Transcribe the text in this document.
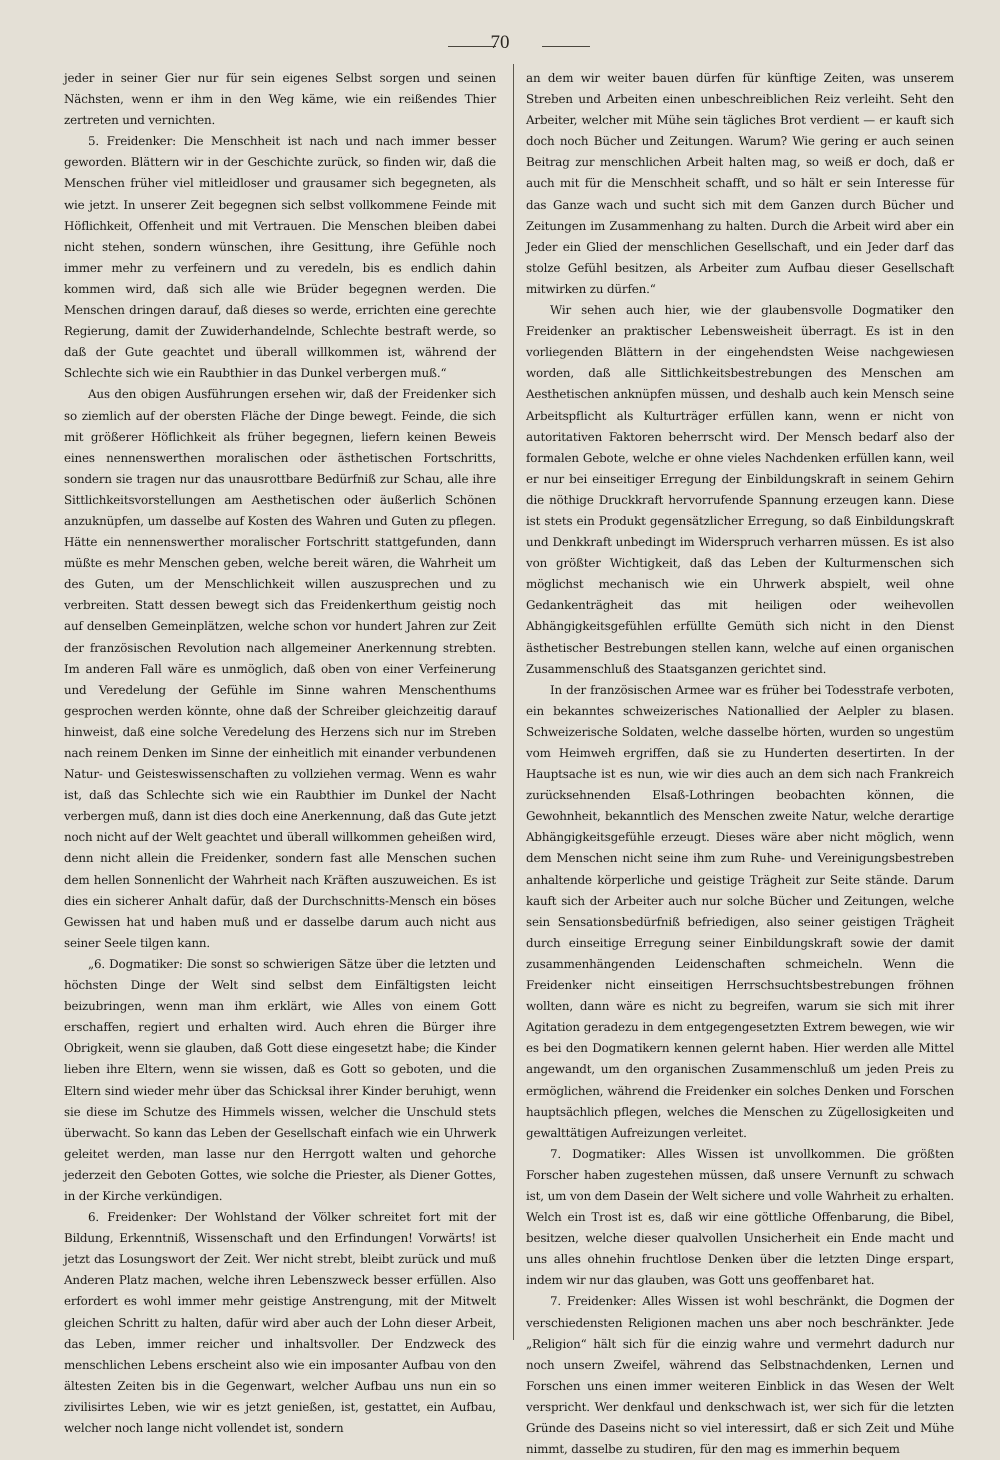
70

jeder in seiner Gier nur für sein eigenes Selbst sorgen und seinen Nächsten, wenn er ihm in den Weg käme, wie ein reißendes Thier zertreten und vernichten.

5. Freidenker: Die Menschheit ist nach und nach immer besser geworden. Blättern wir in der Geschichte zurück, so finden wir, daß die Menschen früher viel mitleidloser und grausamer sich begegneten, als wie jetzt. In unserer Zeit begegnen sich selbst vollkommene Feinde mit Höflichkeit, Offenheit und mit Vertrauen. Die Menschen bleiben dabei nicht stehen, sondern wünschen, ihre Gesittung, ihre Gefühle noch immer mehr zu verfeinern und zu veredeln, bis es endlich dahin kommen wird, daß sich alle wie Brüder begegnen werden. Die Menschen dringen darauf, daß dieses so werde, errichten eine gerechte Regierung, damit der Zuwiderhandelnde, Schlechte bestraft werde, so daß der Gute geachtet und überall willkommen ist, während der Schlechte sich wie ein Raubthier in das Dunkel verbergen muß.“

Aus den obigen Ausführungen ersehen wir, daß der Freidenker sich so ziemlich auf der obersten Fläche der Dinge bewegt. Feinde, die sich mit größerer Höflichkeit als früher begegnen, liefern keinen Beweis eines nennenswerthen moralischen oder ästhetischen Fortschritts, sondern sie tragen nur das unausrottbare Bedürfniß zur Schau, alle ihre Sittlichkeitsvorstellungen am Aesthetischen oder äußerlich Schönen anzuknüpfen, um dasselbe auf Kosten des Wahren und Guten zu pflegen. Hätte ein nennenswerther moralischer Fortschritt stattgefunden, dann müßte es mehr Menschen geben, welche bereit wären, die Wahrheit um des Guten, um der Menschlichkeit willen auszusprechen und zu verbreiten. Statt dessen bewegt sich das Freidenkerthum geistig noch auf denselben Gemeinplätzen, welche schon vor hundert Jahren zur Zeit der französischen Revolution nach allgemeiner Anerkennung strebten. Im anderen Fall wäre es unmöglich, daß oben von einer Verfeinerung und Veredelung der Gefühle im Sinne wahren Menschenthums gesprochen werden könnte, ohne daß der Schreiber gleichzeitig darauf hinweist, daß eine solche Veredelung des Herzens sich nur im Streben nach reinem Denken im Sinne der einheitlich mit einander verbundenen Natur- und Geisteswissenschaften zu vollziehen vermag. Wenn es wahr ist, daß das Schlechte sich wie ein Raubthier im Dunkel der Nacht verbergen muß, dann ist dies doch eine Anerkennung, daß das Gute jetzt noch nicht auf der Welt geachtet und überall willkommen geheißen wird, denn nicht allein die Freidenker, sondern fast alle Menschen suchen dem hellen Sonnenlicht der Wahrheit nach Kräften auszuweichen. Es ist dies ein sicherer Anhalt dafür, daß der Durchschnitts-Mensch ein böses Gewissen hat und haben muß und er dasselbe darum auch nicht aus seiner Seele tilgen kann.

„6. Dogmatiker: Die sonst so schwierigen Sätze über die letzten und höchsten Dinge der Welt sind selbst dem Einfältigsten leicht beizubringen, wenn man ihm erklärt, wie Alles von einem Gott erschaffen, regiert und erhalten wird. Auch ehren die Bürger ihre Obrigkeit, wenn sie glauben, daß Gott diese eingesetzt habe; die Kinder lieben ihre Eltern, wenn sie wissen, daß es Gott so geboten, und die Eltern sind wieder mehr über das Schicksal ihrer Kinder beruhigt, wenn sie diese im Schutze des Himmels wissen, welcher die Unschuld stets überwacht. So kann das Leben der Gesellschaft einfach wie ein Uhrwerk geleitet werden, man lasse nur den Herrgott walten und gehorche jederzeit den Geboten Gottes, wie solche die Priester, als Diener Gottes, in der Kirche verkündigen.

6. Freidenker: Der Wohlstand der Völker schreitet fort mit der Bildung, Erkenntniß, Wissenschaft und den Erfindungen! Vorwärts! ist jetzt das Losungswort der Zeit. Wer nicht strebt, bleibt zurück und muß Anderen Platz machen, welche ihren Lebenszweck besser erfüllen. Also erfordert es wohl immer mehr geistige Anstrengung, mit der Mitwelt gleichen Schritt zu halten, dafür wird aber auch der Lohn dieser Arbeit, das Leben, immer reicher und inhaltsvoller. Der Endzweck des menschlichen Lebens erscheint also wie ein imposanter Aufbau von den ältesten Zeiten bis in die Gegenwart, welcher Aufbau uns nun ein so zivilisirtes Leben, wie wir es jetzt genießen, ist, gestattet, ein Aufbau, welcher noch lange nicht vollendet ist, sondern

an dem wir weiter bauen dürfen für künftige Zeiten, was unserem Streben und Arbeiten einen unbeschreiblichen Reiz verleiht. Seht den Arbeiter, welcher mit Mühe sein tägliches Brot verdient — er kauft sich doch noch Bücher und Zeitungen. Warum? Wie gering er auch seinen Beitrag zur menschlichen Arbeit halten mag, so weiß er doch, daß er auch mit für die Menschheit schafft, und so hält er sein Interesse für das Ganze wach und sucht sich mit dem Ganzen durch Bücher und Zeitungen im Zusammenhang zu halten. Durch die Arbeit wird aber ein Jeder ein Glied der menschlichen Gesellschaft, und ein Jeder darf das stolze Gefühl besitzen, als Arbeiter zum Aufbau dieser Gesellschaft mitwirken zu dürfen.“

Wir sehen auch hier, wie der glaubensvolle Dogmatiker den Freidenker an praktischer Lebensweisheit überragt. Es ist in den vorliegenden Blättern in der eingehendsten Weise nachgewiesen worden, daß alle Sittlichkeitsbestrebungen des Menschen am Aesthetischen anknüpfen müssen, und deshalb auch kein Mensch seine Arbeitspflicht als Kulturträger erfüllen kann, wenn er nicht von autoritativen Faktoren beherrscht wird. Der Mensch bedarf also der formalen Gebote, welche er ohne vieles Nachdenken erfüllen kann, weil er nur bei einseitiger Erregung der Einbildungskraft in seinem Gehirn die nöthige Druckkraft hervorrufende Spannung erzeugen kann. Diese ist stets ein Produkt gegensätzlicher Erregung, so daß Einbildungskraft und Denkkraft unbedingt im Widerspruch verharren müssen. Es ist also von größter Wichtigkeit, daß das Leben der Kulturmenschen sich möglichst mechanisch wie ein Uhrwerk abspielt, weil ohne Gedankenträgheit das mit heiligen oder weihevollen Abhängigkeitsgefühlen erfüllte Gemüth sich nicht in den Dienst ästhetischer Bestrebungen stellen kann, welche auf einen organischen Zusammenschluß des Staatsganzen gerichtet sind.

In der französischen Armee war es früher bei Todesstrafe verboten, ein bekanntes schweizerisches Nationallied der Aelpler zu blasen. Schweizerische Soldaten, welche dasselbe hörten, wurden so ungestüm vom Heimweh ergriffen, daß sie zu Hunderten desertirten. In der Hauptsache ist es nun, wie wir dies auch an dem sich nach Frankreich zurücksehnenden Elsaß-Lothringen beobachten können, die Gewohnheit, bekanntlich des Menschen zweite Natur, welche derartige Abhängigkeitsgefühle erzeugt. Dieses wäre aber nicht möglich, wenn dem Menschen nicht seine ihm zum Ruhe- und Vereinigungsbestreben anhaltende körperliche und geistige Trägheit zur Seite stände. Darum kauft sich der Arbeiter auch nur solche Bücher und Zeitungen, welche sein Sensationsbedürfniß befriedigen, also seiner geistigen Trägheit durch einseitige Erregung seiner Einbildungskraft sowie der damit zusammenhängenden Leidenschaften schmeicheln. Wenn die Freidenker nicht einseitigen Herrschsuchtsbestrebungen fröhnen wollten, dann wäre es nicht zu begreifen, warum sie sich mit ihrer Agitation geradezu in dem entgegengesetzten Extrem bewegen, wie wir es bei den Dogmatikern kennen gelernt haben. Hier werden alle Mittel angewandt, um den organischen Zusammenschluß um jeden Preis zu ermöglichen, während die Freidenker ein solches Denken und Forschen hauptsächlich pflegen, welches die Menschen zu Zügellosigkeiten und gewalttätigen Aufreizungen verleitet.

7. Dogmatiker: Alles Wissen ist unvollkommen. Die größten Forscher haben zugestehen müssen, daß unsere Vernunft zu schwach ist, um von dem Dasein der Welt sichere und volle Wahrheit zu erhalten. Welch ein Trost ist es, daß wir eine göttliche Offenbarung, die Bibel, besitzen, welche dieser qualvollen Unsicherheit ein Ende macht und uns alles ohnehin fruchtlose Denken über die letzten Dinge erspart, indem wir nur das glauben, was Gott uns geoffenbaret hat.

7. Freidenker: Alles Wissen ist wohl beschränkt, die Dogmen der verschiedensten Religionen machen uns aber noch beschränkter. Jede „Religion“ hält sich für die einzig wahre und vermehrt dadurch nur noch unsern Zweifel, während das Selbstnachdenken, Lernen und Forschen uns einen immer weiteren Einblick in das Wesen der Welt verspricht. Wer denkfaul und denkschwach ist, wer sich für die letzten Gründe des Daseins nicht so viel interessirt, daß er sich Zeit und Mühe nimmt, dasselbe zu studiren, für den mag es immerhin bequem
